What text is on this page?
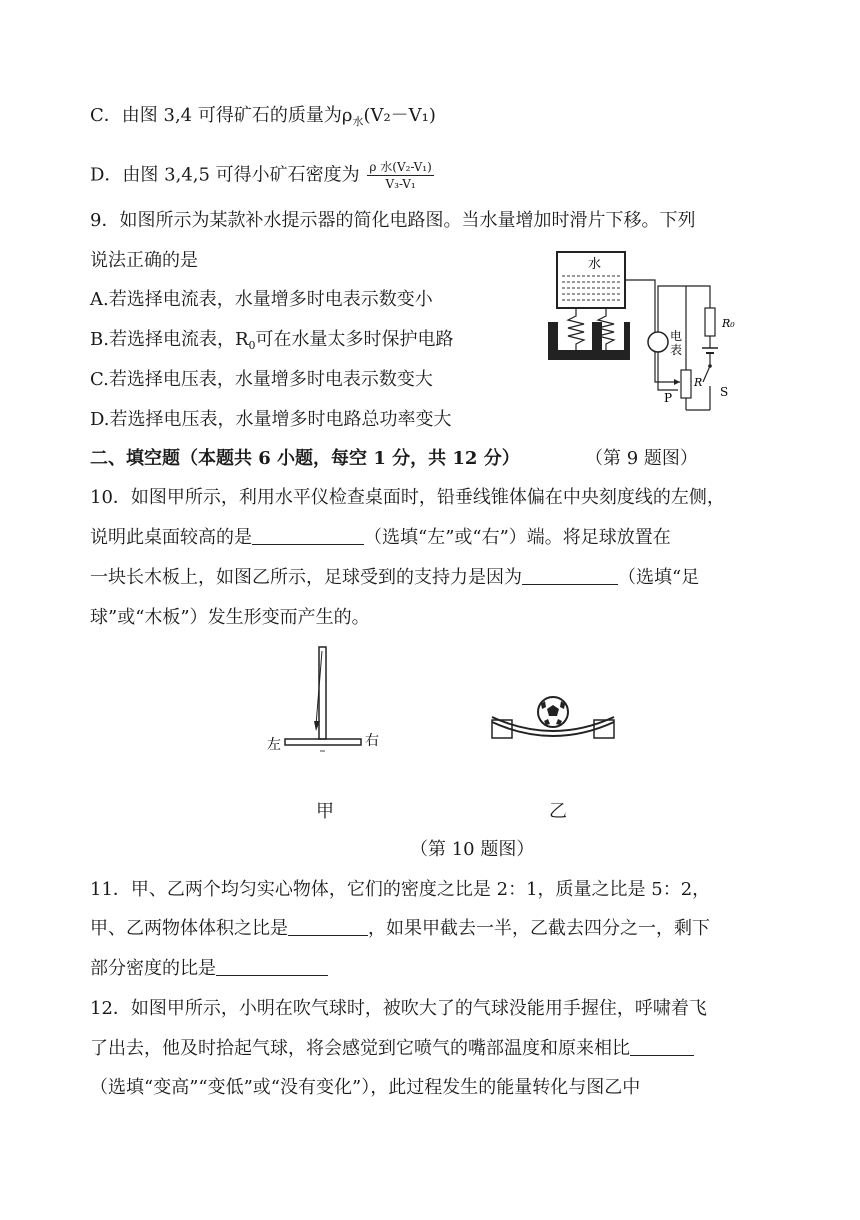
C．由图 3,4 可得矿石的质量为$\rho_水(V_2-V_1)$
D．由图 3,4,5 可得小矿石密度为 $\frac{\text{ρ 水(V₂-V₁)}}{\text{V₃-V₁}}$
9．如图所示为某款补水提示器的简化电路图。当水量增加时滑片下移。下列
说法正确的是
A.若选择电流表，水量增多时电表示数变小
B.若选择电流表，$R_0$可在水量太多时保护电路
C.若选择电压表，水量增多时电表示数变大
D.若选择电压表，水量增多时电路总功率变大
水
电
表
R₀
S
R
P
二、填空题（本题共 6 小题，每空 1 分，共 12 分）	（第 9 题图）
10．如图甲所示，利用水平仪检查桌面时，铅垂线锥体偏在中央刻度线的左侧，
说明此桌面较高的是	（选填“左”或“右”）端。将足球放置在
一块长木板上，如图乙所示，足球受到的支持力是因为	（选填“足
球”或“木板”）发生形变而产生的。
左	右
甲	乙
（第 10 题图）
11．甲、乙两个均匀实心物体，它们的密度之比是 2：1，质量之比是 5：2，
甲、乙两物体体积之比是	，如果甲截去一半，乙截去四分之一，剩下
部分密度的比是
12．如图甲所示，小明在吹气球时，被吹大了的气球没能用手握住，呼啸着飞
了出去，他及时拾起气球，将会感觉到它喷气的嘴部温度和原来相比
（选填“变高”“变低”或“没有变化”），此过程发生的能量转化与图乙中
